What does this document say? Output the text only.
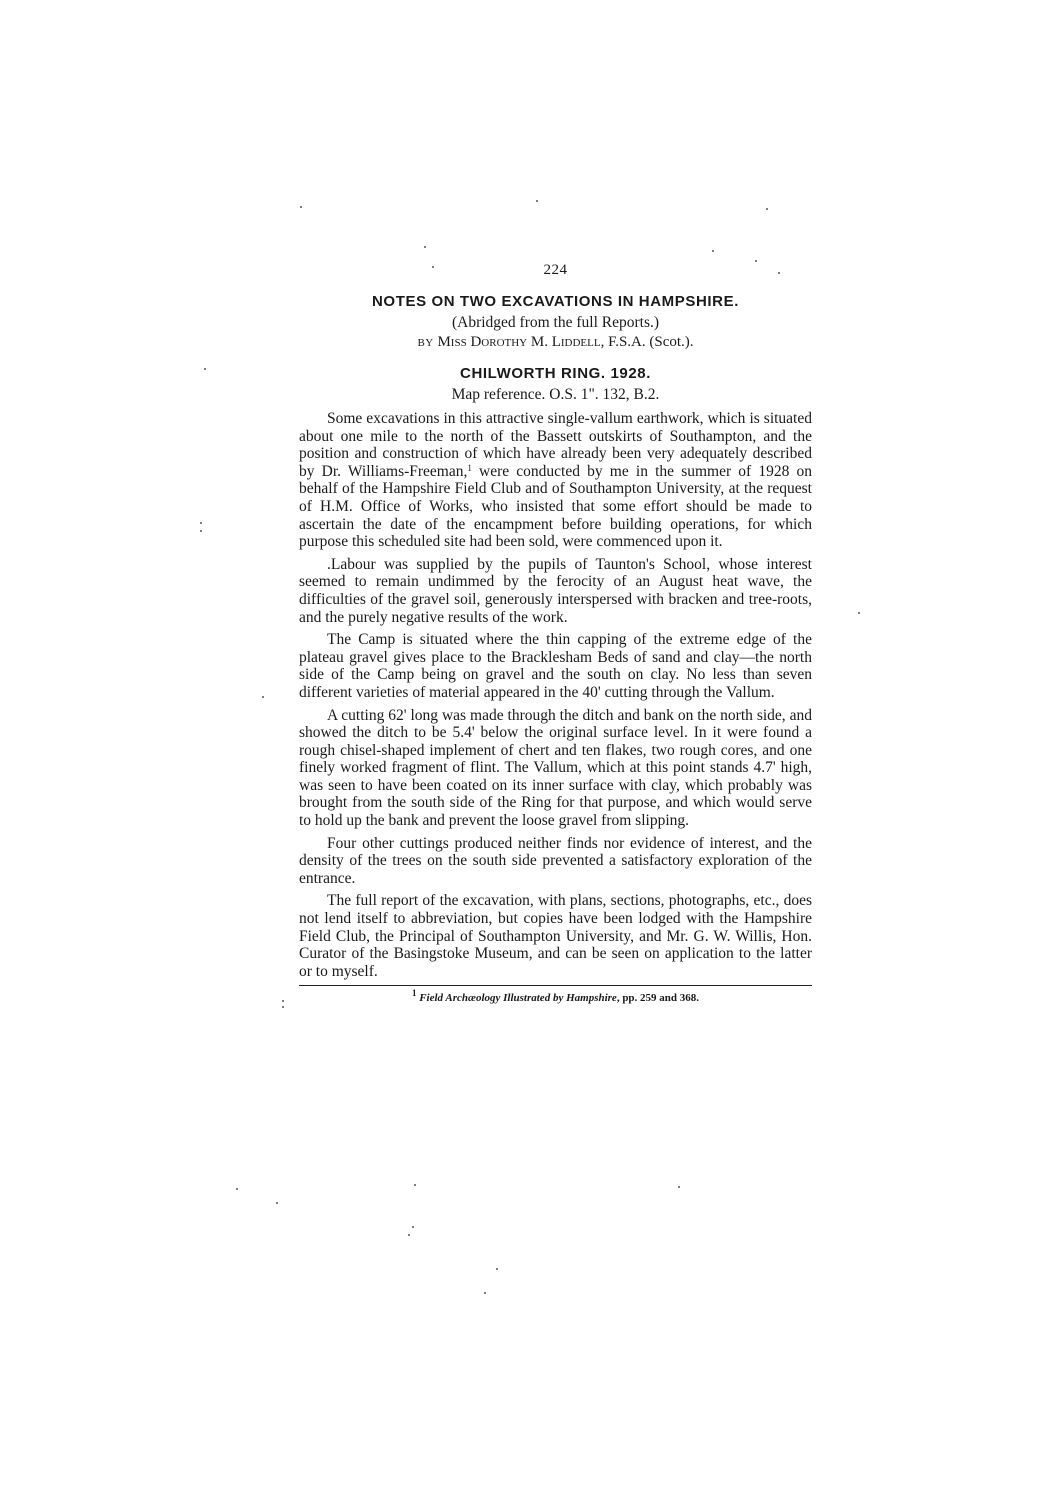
224
NOTES ON TWO EXCAVATIONS IN HAMPSHIRE.
(Abridged from the full Reports.)
BY Miss Dorothy M. Liddell, F.S.A. (Scot.).
CHILWORTH RING. 1928.
Map reference. O.S. 1". 132, B.2.

Some excavations in this attractive single-vallum earthwork, which is situated about one mile to the north of the Bassett outskirts of Southampton, and the position and construction of which have already been very adequately described by Dr. Williams-Freeman,$^1$ were conducted by me in the summer of 1928 on behalf of the Hampshire Field Club and of Southampton University, at the request of H.M. Office of Works, who insisted that some effort should be made to ascertain the date of the encampment before building operations, for which purpose this scheduled site had been sold, were commenced upon it.

.Labour was supplied by the pupils of Taunton's School, whose interest seemed to remain undimmed by the ferocity of an August heat wave, the difficulties of the gravel soil, generously interspersed with bracken and tree-roots, and the purely negative results of the work.

The Camp is situated where the thin capping of the extreme edge of the plateau gravel gives place to the Bracklesham Beds of sand and clay—the north side of the Camp being on gravel and the south on clay. No less than seven different varieties of material appeared in the 40' cutting through the Vallum.

A cutting 62' long was made through the ditch and bank on the north side, and showed the ditch to be 5.4' below the original surface level. In it were found a rough chisel-shaped implement of chert and ten flakes, two rough cores, and one finely worked fragment of flint. The Vallum, which at this point stands 4.7' high, was seen to have been coated on its inner surface with clay, which probably was brought from the south side of the Ring for that purpose, and which would serve to hold up the bank and prevent the loose gravel from slipping.

Four other cuttings produced neither finds nor evidence of interest, and the density of the trees on the south side prevented a satisfactory exploration of the entrance.

The full report of the excavation, with plans, sections, photographs, etc., does not lend itself to abbreviation, but copies have been lodged with the Hampshire Field Club, the Principal of Southampton University, and Mr. G. W. Willis, Hon. Curator of the Basingstoke Museum, and can be seen on application to the latter or to myself.

$^1$ Field Archæology Illustrated by Hampshire, pp. 259 and 368.
